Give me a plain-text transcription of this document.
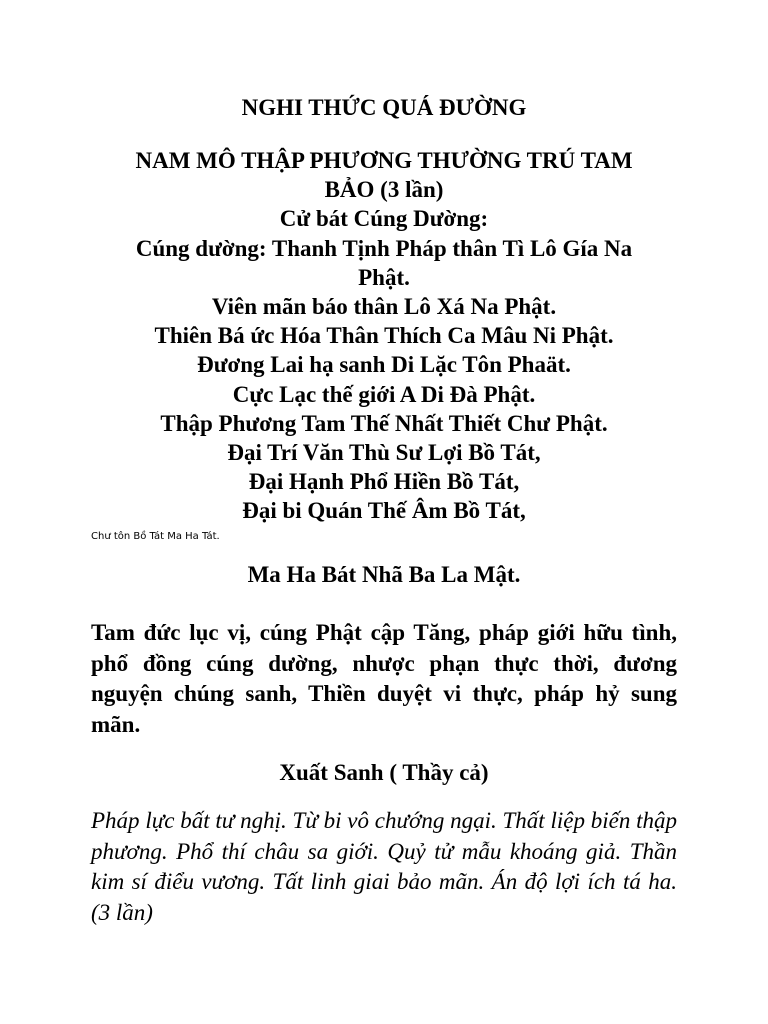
NGHI THỨC QUÁ ĐƯỜNG
NAM MÔ THẬP PHƯƠNG THƯỜNG TRÚ TAM
BẢO (3 lần)
Cử bát Cúng Dường:
Cúng dường: Thanh Tịnh Pháp thân Tì Lô Gía Na
Phật.
Viên mãn báo thân Lô Xá Na Phật.
Thiên Bá ức Hóa Thân Thích Ca Mâu Ni Phật.
Đương Lai hạ sanh Di Lặc Tôn Phaät.
Cực Lạc thế giới A Di Đà Phật.
Thập Phương Tam Thế Nhất Thiết Chư Phật.
Đại Trí Văn Thù Sư Lợi Bồ Tát,
Đại Hạnh Phổ Hiền Bồ Tát,
Đại bi Quán Thế Âm Bồ Tát,
Chư tôn Bồ Tát Ma Ha Tát.
Ma Ha Bát Nhã Ba La Mật.

Tam đức lục vị, cúng Phật cập Tăng, pháp giới hữu tình, phổ đồng cúng dường, nhược phạn thực thời, đương nguyện chúng sanh, Thiền duyệt vi thực, pháp hỷ sung mãn.

Xuất Sanh ( Thầy cả)

Pháp lực bất tư nghị. Từ bi vô chướng ngại. Thất liệp biến thập phương. Phổ thí châu sa giới. Quỷ tử mẫu khoáng giả. Thần kim sí điểu vương. Tất linh giai bảo mãn. Án độ lợi ích tá ha. (3 lần)
